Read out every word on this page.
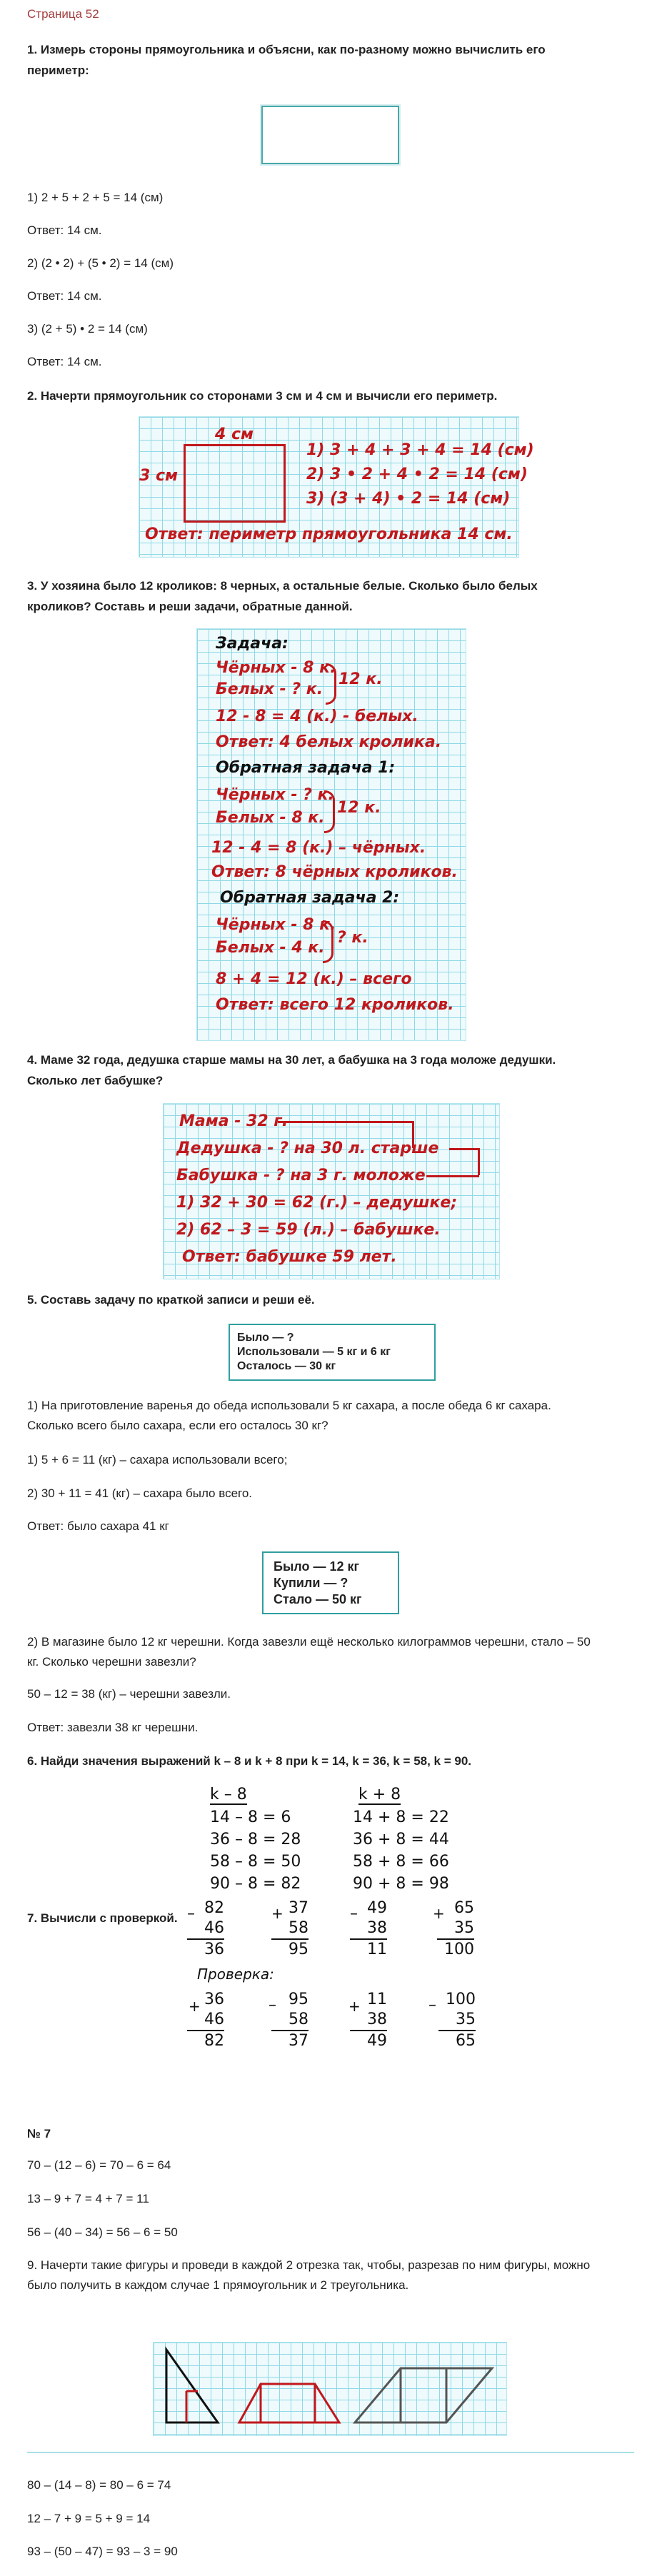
Страница 52
1. Измерь стороны прямоугольника и объясни, как по-разному можно вычислить его
периметр:
1) 2 + 5 + 2 + 5 = 14 (см)
Ответ: 14 см.
2) (2 • 2) + (5 • 2) = 14 (см)
Ответ: 14 см.
3) (2 + 5) • 2 = 14 (см)
Ответ: 14 см.
2. Начерти прямоугольник со сторонами 3 см и 4 см и вычисли его периметр.
4 см
3 см
1) 3 + 4 + 3 + 4 = 14 (см)
2) 3 • 2 + 4 • 2 = 14 (см)
3) (3 + 4) • 2 = 14 (см)
Ответ: периметр прямоугольника 14 см.
3. У хозяина было 12 кроликов: 8 черных, а остальные белые. Сколько было белых
кроликов? Составь и реши задачи, обратные данной.
Задача:
Чёрных - 8 к.
Белых - ? к.
12 к.
12 - 8 = 4 (к.) - белых.
Ответ: 4 белых кролика.
Обратная задача 1:
Чёрных - ? к.
Белых - 8 к.
12 к.
12 - 4 = 8 (к.) – чёрных.
Ответ: 8 чёрных кроликов.
Обратная задача 2:
Чёрных - 8 к.
Белых - 4 к.
? к.
8 + 4 = 12 (к.) – всего
Ответ: всего 12 кроликов.
4. Маме 32 года, дедушка старше мамы на 30 лет, а бабушка на 3 года моложе дедушки.
Сколько лет бабушке?
Мама - 32 г.
Дедушка - ? на 30 л. старше
Бабушка - ? на 3 г. моложе
1) 32 + 30 = 62 (г.) – дедушке;
2) 62 – 3 = 59 (л.) – бабушке.
Ответ: бабушке 59 лет.
5. Составь задачу по краткой записи и реши её.
Было — ?
Использовали — 5 кг и 6 кг
Осталось — 30 кг
1) На приготовление варенья до обеда использовали 5 кг сахара, а после обеда 6 кг сахара.
Сколько всего было сахара, если его осталось 30 кг?
1) 5 + 6 = 11 (кг) – сахара использовали всего;
2) 30 + 11 = 41 (кг) – сахара было всего.
Ответ: было сахара 41 кг
Было — 12 кг
Купили — ?
Стало — 50 кг
2) В магазине было 12 кг черешни. Когда завезли ещё несколько килограммов черешни, стало – 50
кг. Сколько черешни завезли?
50 – 12 = 38 (кг) – черешни завезли.
Ответ: завезли 38 кг черешни.
6. Найди значения выражений k – 8 и k + 8 при k = 14, k = 36, k = 58, k = 90.
k – 8	k + 8
14 – 8 = 6
36 – 8 = 28
58 – 8 = 50
90 – 8 = 82
14 + 8 = 22
36 + 8 = 44
58 + 8 = 66
90 + 8 = 98
7. Вычисли с проверкой. – 82
46
36
+ 37
58
95
– 49
38
11
+ 65
35
100
Проверка:
+ 36
46
82
– 95
58
37
+ 11
38
49
– 100
35
65
№ 7
70 – (12 – 6) = 70 – 6 = 64
13 – 9 + 7 = 4 + 7 = 11
56 – (40 – 34) = 56 – 6 = 50
9. Начерти такие фигуры и проведи в каждой 2 отрезка так, чтобы, разрезав по ним фигуры, можно
было получить в каждом случае 1 прямоугольник и 2 треугольника.
80 – (14 – 8) = 80 – 6 = 74
12 – 7 + 9 = 5 + 9 = 14
93 – (50 – 47) = 93 – 3 = 90
